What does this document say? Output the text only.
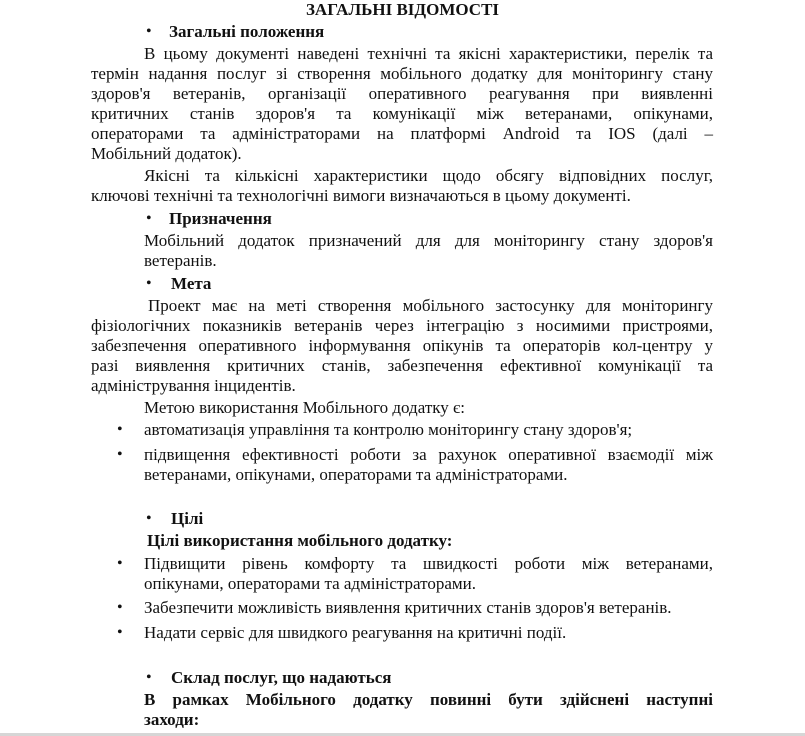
ЗАГАЛЬНІ ВІДОМОСТІ
• Загальні положення
В цьому документі наведені технічні та якісні характеристики, перелік та
термін надання послуг зі створення мобільного додатку для моніторингу стану
здоров'я ветеранів, організації оперативного реагування при виявленні
критичних станів здоров'я та комунікації між ветеранами, опікунами,
операторами та адміністраторами на платформі Android та IOS (далі –
Мобільний додаток).
Якісні та кількісні характеристики щодо обсягу відповідних послуг,
ключові технічні та технологічні вимоги визначаються в цьому документі.
• Призначення
Мобільний додаток призначений для для моніторингу стану здоров'я
ветеранів.
• Мета
Проект має на меті створення мобільного застосунку для моніторингу
фізіологічних показників ветеранів через інтеграцію з носимими пристроями,
забезпечення оперативного інформування опікунів та операторів кол-центру у
разі виявлення критичних станів, забезпечення ефективної комунікації та
адміністрування інцидентів.
Метою використання Мобільного додатку є:
• автоматизація управління та контролю моніторингу стану здоров'я;
• підвищення ефективності роботи за рахунок оперативної взаємодії між
ветеранами, опікунами, операторами та адміністраторами.
• Цілі
Цілі використання мобільного додатку:
• Підвищити рівень комфорту та швидкості роботи між ветеранами,
опікунами, операторами та адміністраторами.
• Забезпечити можливість виявлення критичних станів здоров'я ветеранів.
• Надати сервіс для швидкого реагування на критичні події.
• Склад послуг, що надаються
В рамках Мобільного додатку повинні бути здійснені наступні
заходи:
